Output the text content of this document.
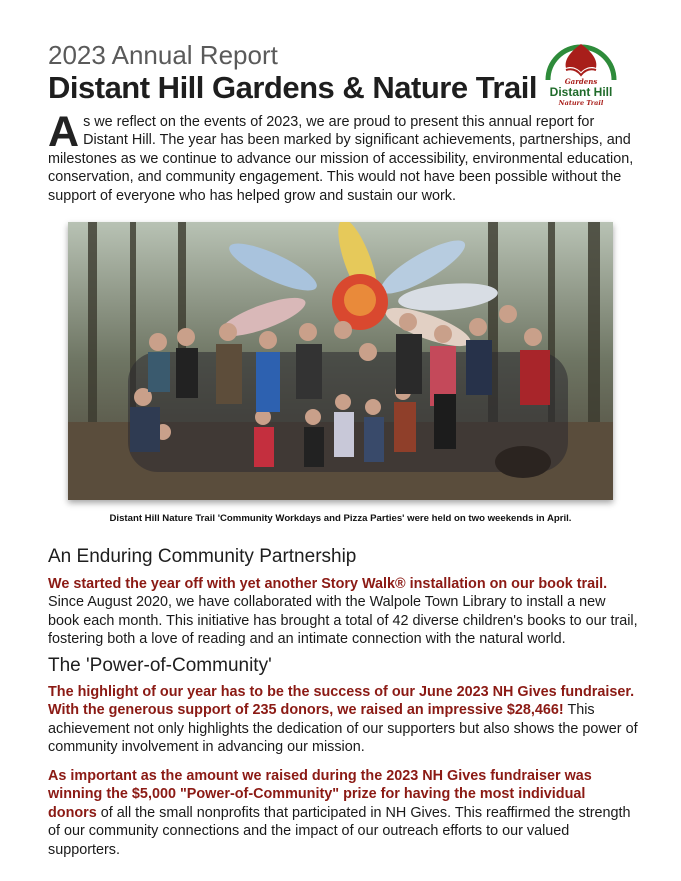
2023 Annual Report
Distant Hill Gardens & Nature Trail	Gardens
Distant Hill
Nature Trail
As we reflect on the events of 2023, we are proud to present this annual report for Distant Hill. The year has been marked by significant achievements, partnerships, and milestones as we continue to advance our mission of accessibility, environmental education, conservation, and community engagement. This would not have been possible without the support of everyone who has helped grow and sustain our work.
Distant Hill Nature Trail 'Community Workdays and Pizza Parties' were held on two weekends in April.
An Enduring Community Partnership
We started the year off with yet another Story Walk® installation on our book trail. Since August 2020, we have collaborated with the Walpole Town Library to install a new book each month. This initiative has brought a total of 42 diverse children's books to our trail, fostering both a love of reading and an intimate connection with the natural world.
The 'Power-of-Community'
The highlight of our year has to be the success of our June 2023 NH Gives fundraiser. With the generous support of 235 donors, we raised an impressive $28,466! This achievement not only highlights the dedication of our supporters but also shows the power of community involvement in advancing our mission.
As important as the amount we raised during the 2023 NH Gives fundraiser was winning the $5,000 "Power-of-Community" prize for having the most individual donors of all the small nonprofits that participated in NH Gives. This reaffirmed the strength of our community connections and the impact of our outreach efforts to our valued supporters.
